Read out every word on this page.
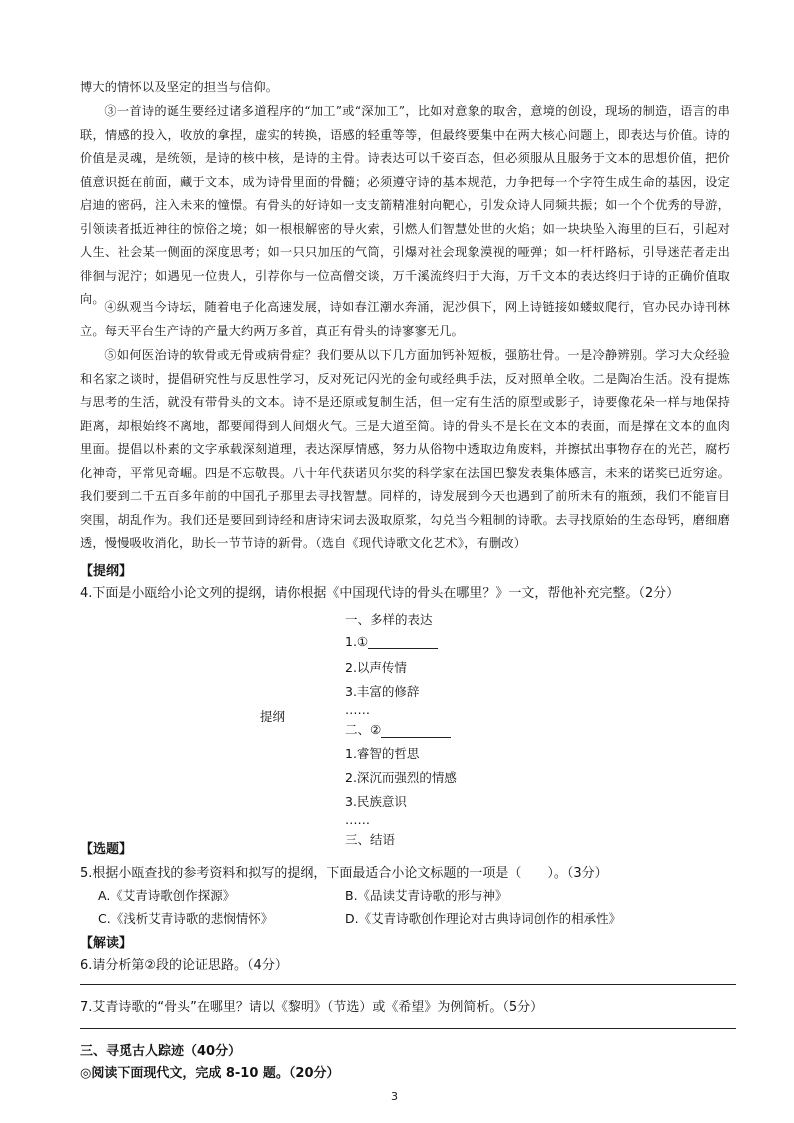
博大的情怀以及坚定的担当与信仰。

③一首诗的诞生要经过诸多道程序的“加工”或“深加工”，比如对意象的取舍，意境的创设，现场的制造，语言的串联，情感的投入，收放的拿捏，虚实的转换，语感的轻重等等，但最终要集中在两大核心问题上，即表达与价值。诗的价值是灵魂，是统领，是诗的核中核，是诗的主骨。诗表达可以千姿百态，但必须服从且服务于文本的思想价值，把价值意识挺在前面，藏于文本，成为诗骨里面的骨髓；必须遵守诗的基本规范，力争把每一个字符生成生命的基因，设定启迪的密码，注入未来的憧憬。有骨头的好诗如一支支箭精准射向靶心，引发众诗人同频共振；如一个个优秀的导游，引领读者抵近神往的惊俗之境；如一根根解密的导火索，引燃人们智慧处世的火焰；如一块块坠入海里的巨石，引起对人生、社会某一侧面的深度思考；如一只只加压的气筒，引爆对社会现象漠视的哑弹；如一杆杆路标，引导迷茫者走出徘徊与泥泞；如遇见一位贵人，引荐你与一位高僧交谈，万千溪流终归于大海，万千文本的表达终归于诗的正确价值取向。

④纵观当今诗坛，随着电子化高速发展，诗如春江潮水奔涌，泥沙俱下，网上诗链接如蝼蚁爬行，官办民办诗刊林立。每天平台生产诗的产量大约两万多首，真正有骨头的诗寥寥无几。

⑤如何医治诗的软骨或无骨或病骨症？我们要从以下几方面加钙补短板，强筋壮骨。一是冷静辨别。学习大众经验和名家之谈时，提倡研究性与反思性学习，反对死记闪光的金句或经典手法，反对照单全收。二是陶冶生活。没有提炼与思考的生活，就没有带骨头的文本。诗不是还原或复制生活，但一定有生活的原型或影子，诗要像花朵一样与地保持距离，却根始终不离地，都要闻得到人间烟火气。三是大道至简。诗的骨头不是长在文本的表面，而是撑在文本的血肉里面。提倡以朴素的文字承载深刻道理，表达深厚情感，努力从俗物中透取边角废料，并擦拭出事物存在的光芒，腐朽化神奇，平常见奇崛。四是不忘敬畏。八十年代获诺贝尔奖的科学家在法国巴黎发表集体感言，未来的诺奖已近穷途。我们要到二千五百多年前的中国孔子那里去寻找智慧。同样的，诗发展到今天也遇到了前所未有的瓶颈，我们不能盲目突围，胡乱作为。我们还是要回到诗经和唐诗宋词去汲取原浆，勾兑当今粗制的诗歌。去寻找原始的生态母钙，磨细磨透，慢慢吸收消化，助长一节节诗的新骨。（选自《现代诗歌文化艺术》，有删改）

【提纲】

4.下面是小瓯给小论文列的提纲，请你根据《中国现代诗的骨头在哪里？》一文，帮他补充完整。（2分）

提纲

一、多样的表达

1.①

2.以声传情

3.丰富的修辞

……

二、②

1.睿智的哲思

2.深沉而强烈的情感

3.民族意识

……

三、结语

【选题】

5.根据小瓯查找的参考资料和拟写的提纲，下面最适合小论文标题的一项是（　　）。（3分）

A.《艾青诗歌创作探源》	B.《品读艾青诗歌的形与神》

C.《浅析艾青诗歌的悲悯情怀》	D.《艾青诗歌创作理论对古典诗词创作的相承性》

【解读】

6.请分析第②段的论证思路。（4分）

7.艾青诗歌的“骨头”在哪里？请以《黎明》（节选）或《希望》为例简析。（5分）

三、寻觅古人踪迹（40分）

◎阅读下面现代文，完成 8-10 题。（20分）

3
